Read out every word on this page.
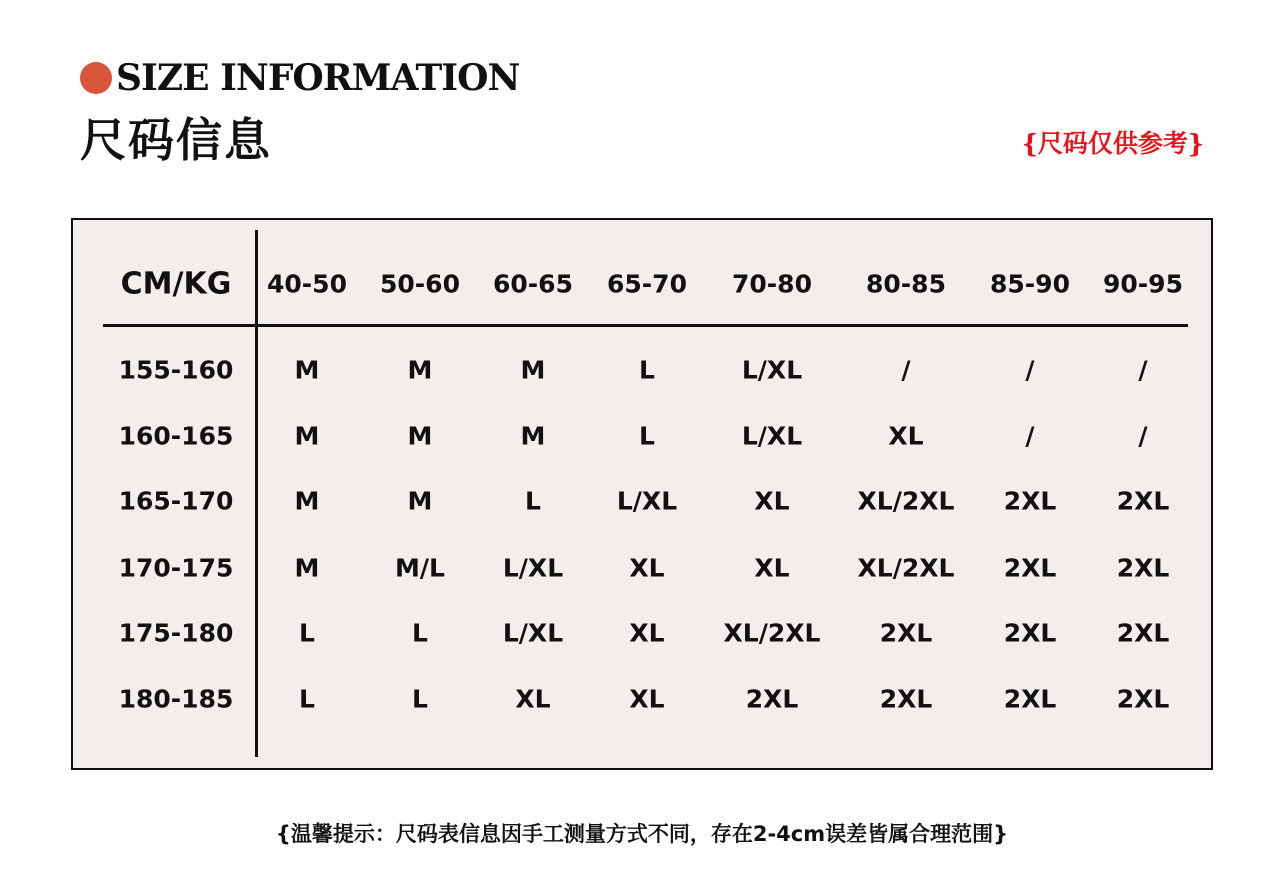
SIZE INFORMATION
尺码信息	{尺码仅供参考}
CM/KG 40-50 50-60 60-65 65-70 70-80 80-85 85-90 90-95
155-160 M	M	M	L	L/XL	/	/	/
160-165 M	M	M	L	L/XL	XL	/	/
165-170 M	M	L	L/XL	XL	XL/2XL 2XL 2XL
170-175 M	M/L L/XL	XL	XL	XL/2XL 2XL 2XL
175-180	L	L	L/XL	XL XL/2XL 2XL	2XL 2XL
180-185	L	L	XL	XL	2XL	2XL	2XL 2XL
{温馨提示：尺码表信息因手工测量方式不同，存在2-4cm误差皆属合理范围}
